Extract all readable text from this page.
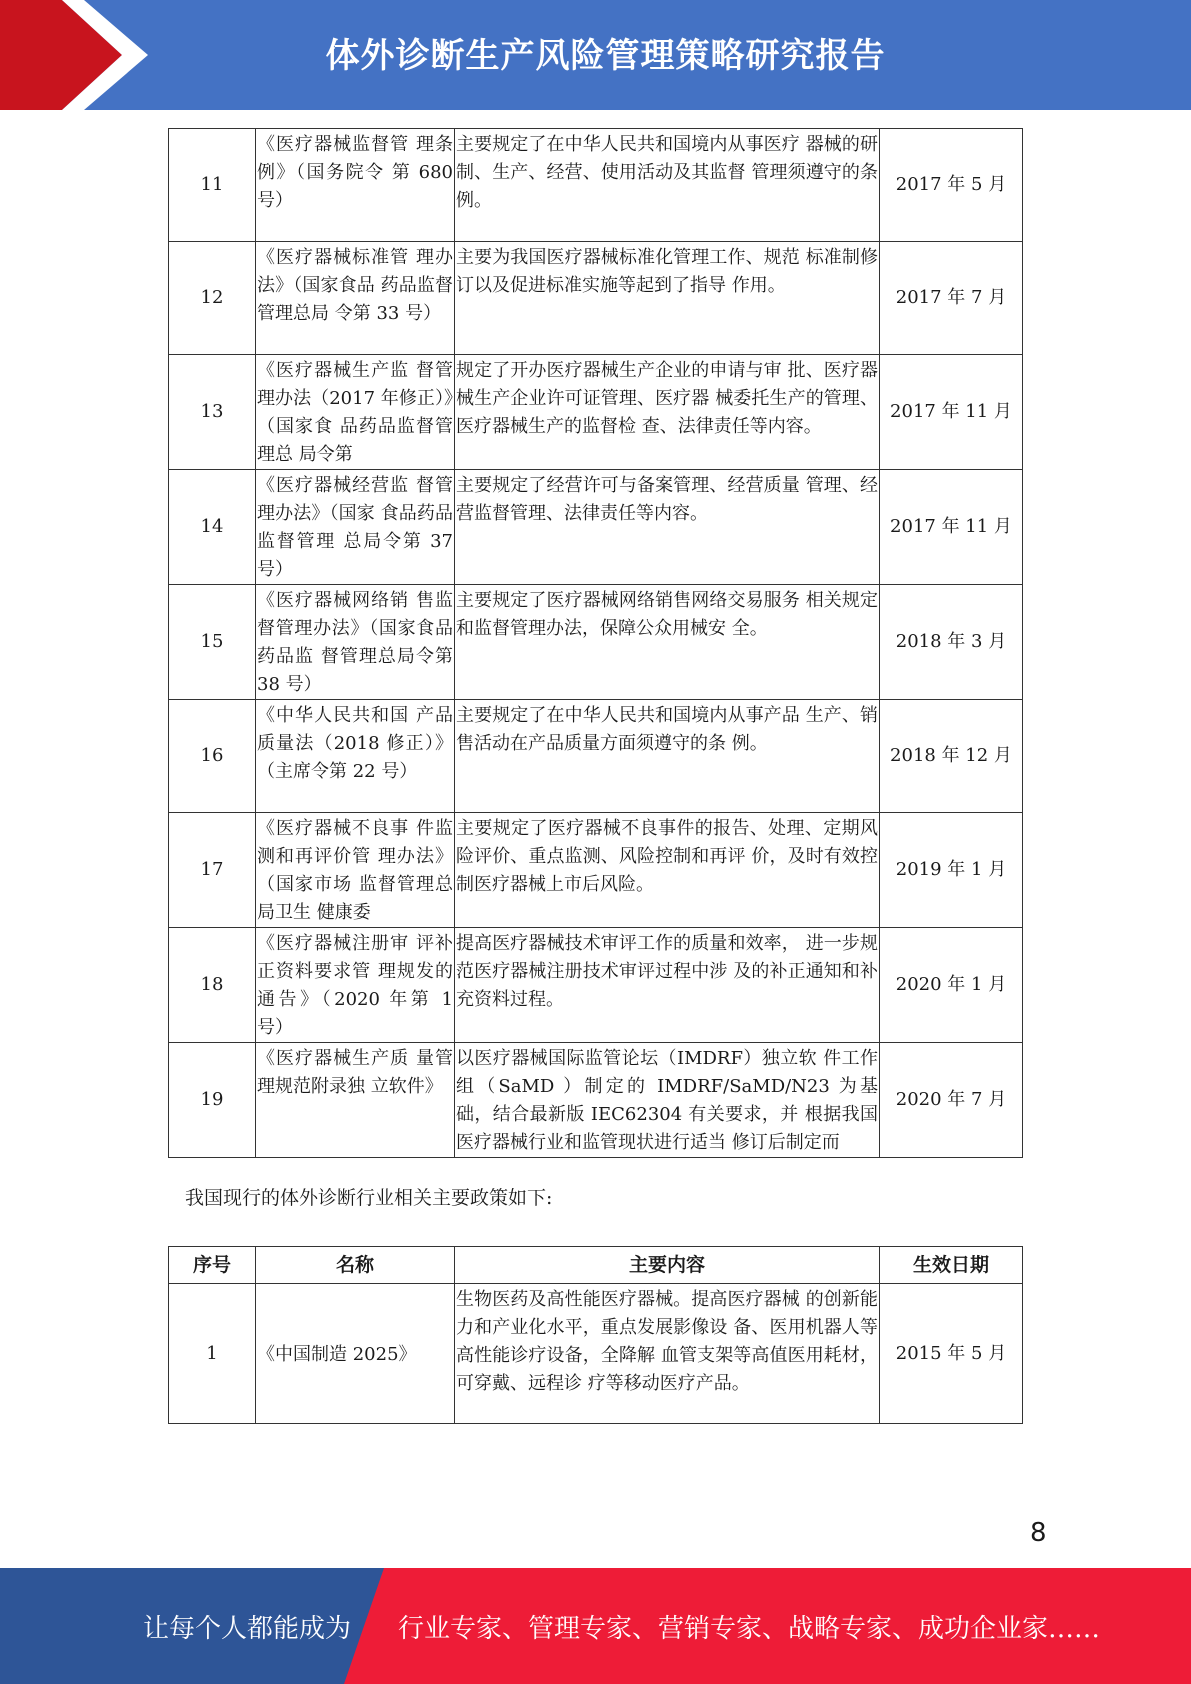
体外诊断生产风险管理策略研究报告
11	《医疗器械监督管 理条例》（国务院令 第 680 号）	主要规定了在中华人民共和国境内从事医疗 器械的研制、生产、经营、使用活动及其监督 管理须遵守的条例。	2017 年 5 月
12	《医疗器械标准管 理办法》（国家食品 药品监督管理总局 令第 33 号）	主要为我国医疗器械标准化管理工作、规范 标准制修订以及促进标准实施等起到了指导 作用。	2017 年 7 月
13	《医疗器械生产监 督管理办法（2017 年修正）》（国家食 品药品监督管理总 局令第	规定了开办医疗器械生产企业的申请与审 批、医疗器械生产企业许可证管理、医疗器 械委托生产的管理、医疗器械生产的监督检 查、法律责任等内容。	2017 年 11 月
14	《医疗器械经营监 督管理办法》（国家 食品药品监督管理 总局令第 37 号）	主要规定了经营许可与备案管理、经营质量 管理、经营监督管理、法律责任等内容。	2017 年 11 月
15	《医疗器械网络销 售监督管理办法》（国家食品药品监 督管理总局令第 38 号）	主要规定了医疗器械网络销售网络交易服务 相关规定和监督管理办法，保障公众用械安 全。	2018 年 3 月
16	《中华人民共和国 产品质量法（2018 修正）》（主席令第 22 号）	主要规定了在中华人民共和国境内从事产品 生产、销售活动在产品质量方面须遵守的条 例。	2018 年 12 月
17	《医疗器械不良事 件监测和再评价管 理办法》（国家市场 监督管理总局卫生 健康委	主要规定了医疗器械不良事件的报告、处理、定期风险评价、重点监测、风险控制和再评 价，及时有效控制医疗器械上市后风险。	2019 年 1 月
18	《医疗器械注册审 评补正资料要求管 理规发的通告》（2020 年第 1 号）	提高医疗器械技术审评工作的质量和效率， 进一步规范医疗器械注册技术审评过程中涉 及的补正通知和补充资料过程。	2020 年 1 月
19	《医疗器械生产质 量管理规范附录独 立软件》	以医疗器械国际监管论坛（IMDRF）独立软 件工作组（SaMD ）制定的 IMDRF/SaMD/N23 为基础，结合最新版 IEC62304 有关要求，并 根据我国医疗器械行业和监管现状进行适当 修订后制定而	2020 年 7 月
我国现行的体外诊断行业相关主要政策如下:
序号	名称	主要内容	生效日期
1	《中国制造 2025》	生物医药及高性能医疗器械。提高医疗器械 的创新能力和产业化水平，重点发展影像设 备、医用机器人等高性能诊疗设备，全降解 血管支架等高值医用耗材，可穿戴、远程诊 疗等移动医疗产品。	2015 年 5 月
8
让每个人都能成为 行业专家、管理专家、营销专家、战略专家、成功企业家……
